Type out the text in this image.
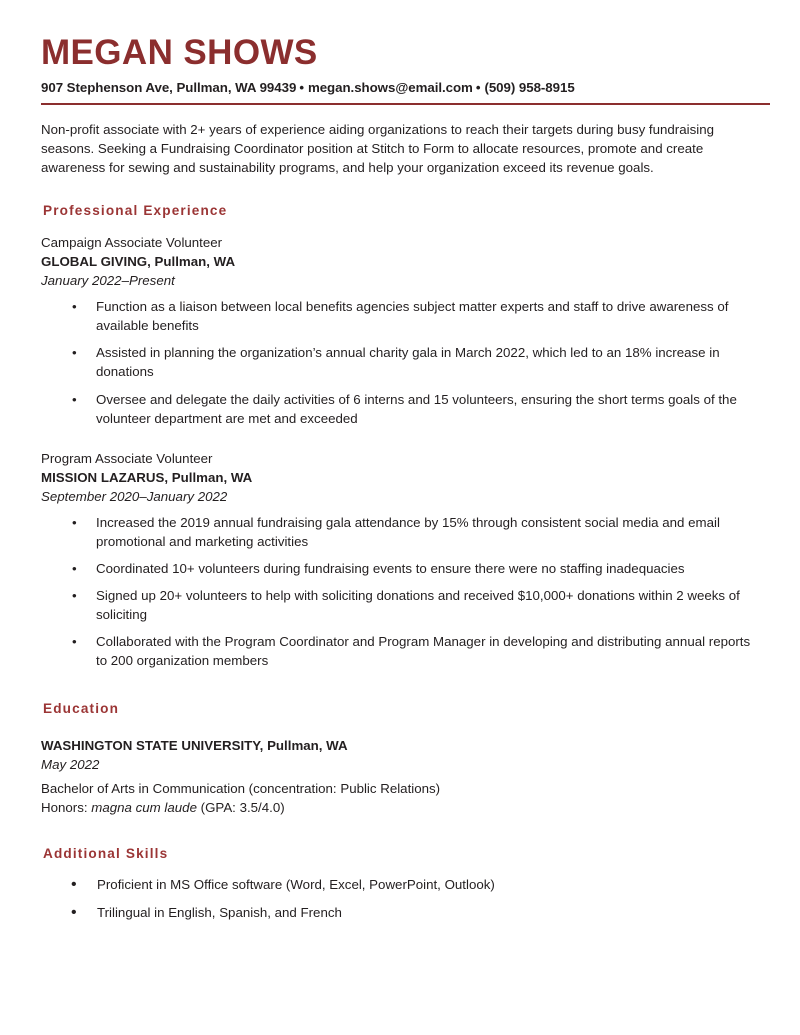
MEGAN SHOWS

907 Stephenson Ave, Pullman, WA 99439 • megan.shows@email.com • (509) 958-8915

Non-profit associate with 2+ years of experience aiding organizations to reach their targets during busy fundraising seasons. Seeking a Fundraising Coordinator position at Stitch to Form to allocate resources, promote and create awareness for sewing and sustainability programs, and help your organization exceed its revenue goals.

Professional Experience
Campaign Associate Volunteer
GLOBAL GIVING, Pullman, WA
January 2022–Present
• Function as a liaison between local benefits agencies subject matter experts and staff to drive awareness of available benefits
• Assisted in planning the organization’s annual charity gala in March 2022, which led to an 18% increase in donations
• Oversee and delegate the daily activities of 6 interns and 15 volunteers, ensuring the short terms goals of the volunteer department are met and exceeded
Program Associate Volunteer
MISSION LAZARUS, Pullman, WA
September 2020–January 2022
• Increased the 2019 annual fundraising gala attendance by 15% through consistent social media and email promotional and marketing activities
• Coordinated 10+ volunteers during fundraising events to ensure there were no staffing inadequacies
• Signed up 20+ volunteers to help with soliciting donations and received $10,000+ donations within 2 weeks of soliciting
• Collaborated with the Program Coordinator and Program Manager in developing and distributing annual reports to 200 organization members
Education
WASHINGTON STATE UNIVERSITY, Pullman, WA
May 2022
Bachelor of Arts in Communication (concentration: Public Relations)
Honors: magna cum laude (GPA: 3.5/4.0)
Additional Skills
• Proficient in MS Office software (Word, Excel, PowerPoint, Outlook)
• Trilingual in English, Spanish, and French
